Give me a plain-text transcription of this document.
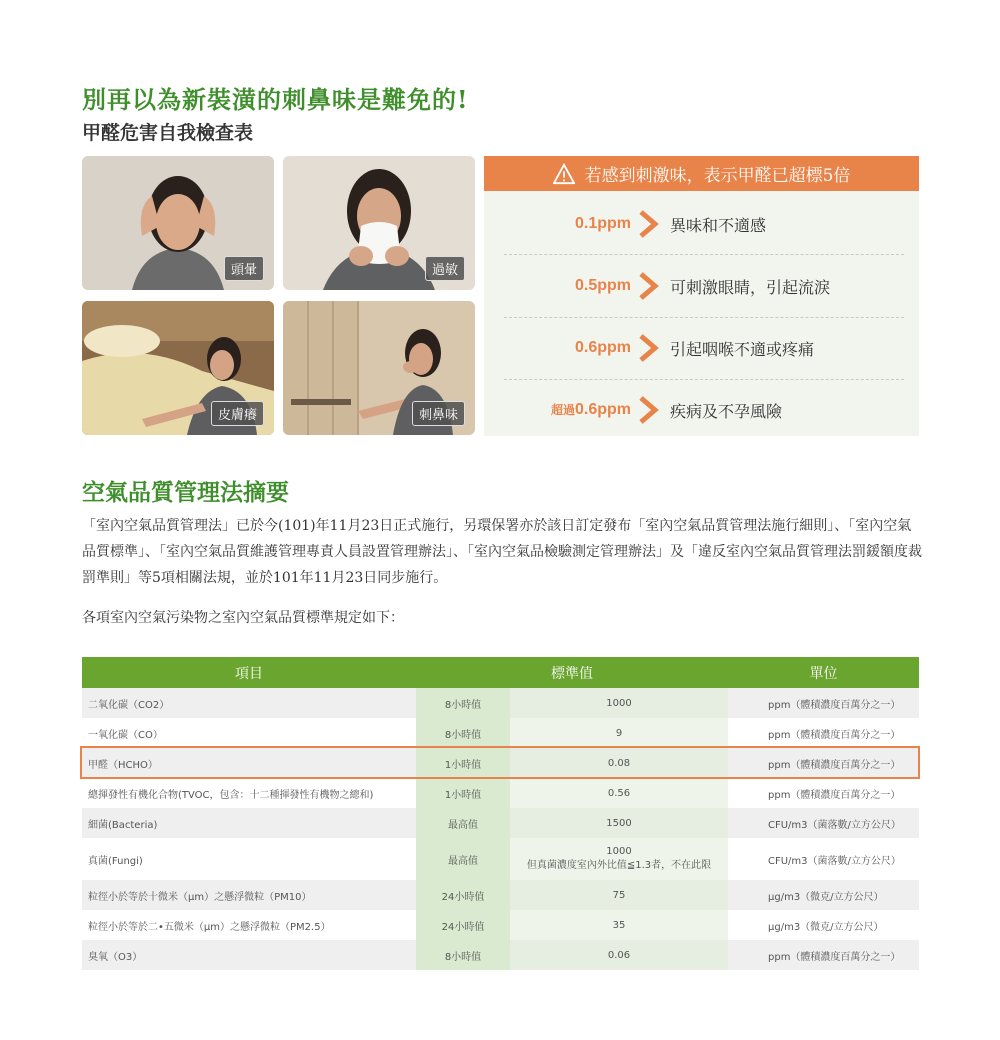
別再以為新裝潢的刺鼻味是難免的!
甲醛危害自我檢查表
頭暈	過敏
皮膚癢	刺鼻味
若感到刺激味，表示甲醛已超標5倍
0.1ppm 異味和不適感
0.5ppm 可刺激眼睛，引起流淚
0.6ppm 引起咽喉不適或疼痛
超過0.6ppm 疾病及不孕風險
空氣品質管理法摘要

「室內空氣品質管理法」已於今(101)年11月23日正式施行，另環保署亦於該日訂定發布「室內空氣品質管理法施行細則」、「室內空氣品質標準」、「室內空氣品質維護管理專責人員設置管理辦法」、「室內空氣品檢驗測定管理辦法」及「違反室內空氣品質管理法罰鍰額度裁罰準則」等5項相關法規，並於101年11月23日同步施行。

各項室內空氣污染物之室內空氣品質標準規定如下：

項目	標準值		單位
二氧化碳（CO2）	8小時值	1000	ppm（體積濃度百萬分之一）
一氧化碳（CO）	8小時值	9	ppm（體積濃度百萬分之一）
甲醛（HCHO）	1小時值	0.08	ppm（體積濃度百萬分之一）
總揮發性有機化合物(TVOC，包含：十二種揮發性有機物之總和)	1小時值	0.56	ppm（體積濃度百萬分之一）
細菌(Bacteria)	最高值	1500	CFU/m3（菌落數/立方公尺）
真菌(Fungi)	最高值	1000
但真菌濃度室內外比值≦1.3者，不在此限	CFU/m3（菌落數/立方公尺）
粒徑小於等於十微米（μm）之懸浮微粒（PM10）	24小時值	75	μg/m3（微克/立方公尺）
粒徑小於等於二•五微米（μm）之懸浮微粒（PM2.5）	24小時值	35	μg/m3（微克/立方公尺）
臭氧（O3）	8小時值	0.06	ppm（體積濃度百萬分之一）
